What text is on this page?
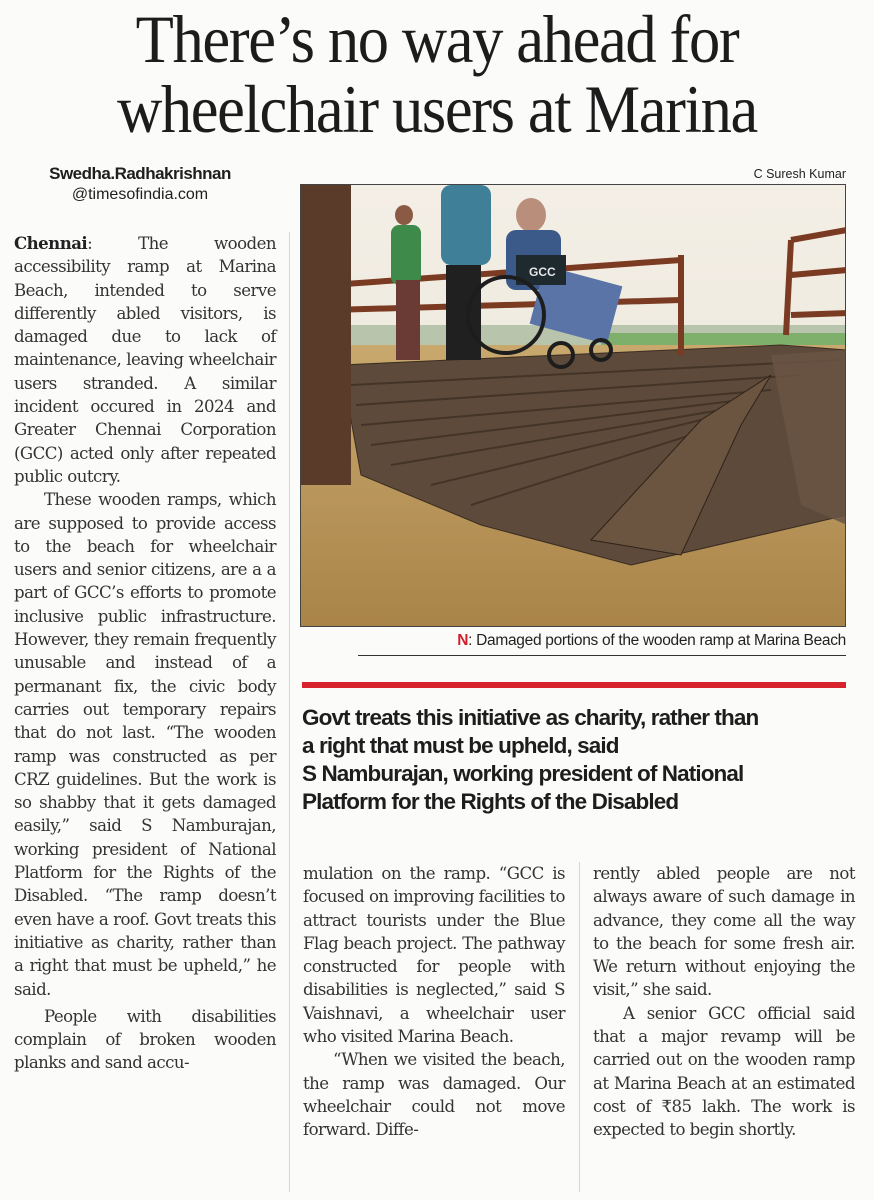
There’s no way ahead for
wheelchair users at Marina
Swedha.Radhakrishnan
@timesofindia.com

Chennai: The wooden accessibility ramp at Marina Beach, intended to serve differently abled visitors, is damaged due to lack of maintenance, leaving wheelchair users stranded. A similar incident occured in 2024 and Greater Chennai Corporation (GCC) acted only after repeated public outcry.

These wooden ramps, which are supposed to provide access to the beach for wheelchair users and senior citizens, are a a part of GCC’s efforts to promote inclusive public infrastructure. However, they remain frequently unusable and instead of a permanant fix, the civic body carries out temporary repairs that do not last. “The wooden ramp was constructed as per CRZ guidelines. But the work is so shabby that it gets damaged easily,” said S Namburajan, working president of National Platform for the Rights of the Disabled. “The ramp doesn’t even have a roof. Govt treats this initiative as charity, rather than a right that must be upheld,” he said.

People with disabilities complain of broken wooden planks and sand accu-

C Suresh Kumar
GCC
N: Damaged portions of the wooden ramp at Marina Beach
Govt treats this initiative as charity, rather than
a right that must be upheld, said
S Namburajan, working president of National
Platform for the Rights of the Disabled

mulation on the ramp. “GCC is focused on improving facilities to attract tourists under the Blue Flag beach project. The pathway constructed for people with disabilities is neglected,” said S Vaishnavi, a wheelchair user who visited Marina Beach.

“When we visited the beach, the ramp was damaged. Our wheelchair could not move forward. Diffe-

rently abled people are not always aware of such damage in advance, they come all the way to the beach for some fresh air. We return without enjoying the visit,” she said.

A senior GCC official said that a major revamp will be carried out on the wooden ramp at Marina Beach at an estimated cost of ₹85 lakh. The work is expected to begin shortly.
